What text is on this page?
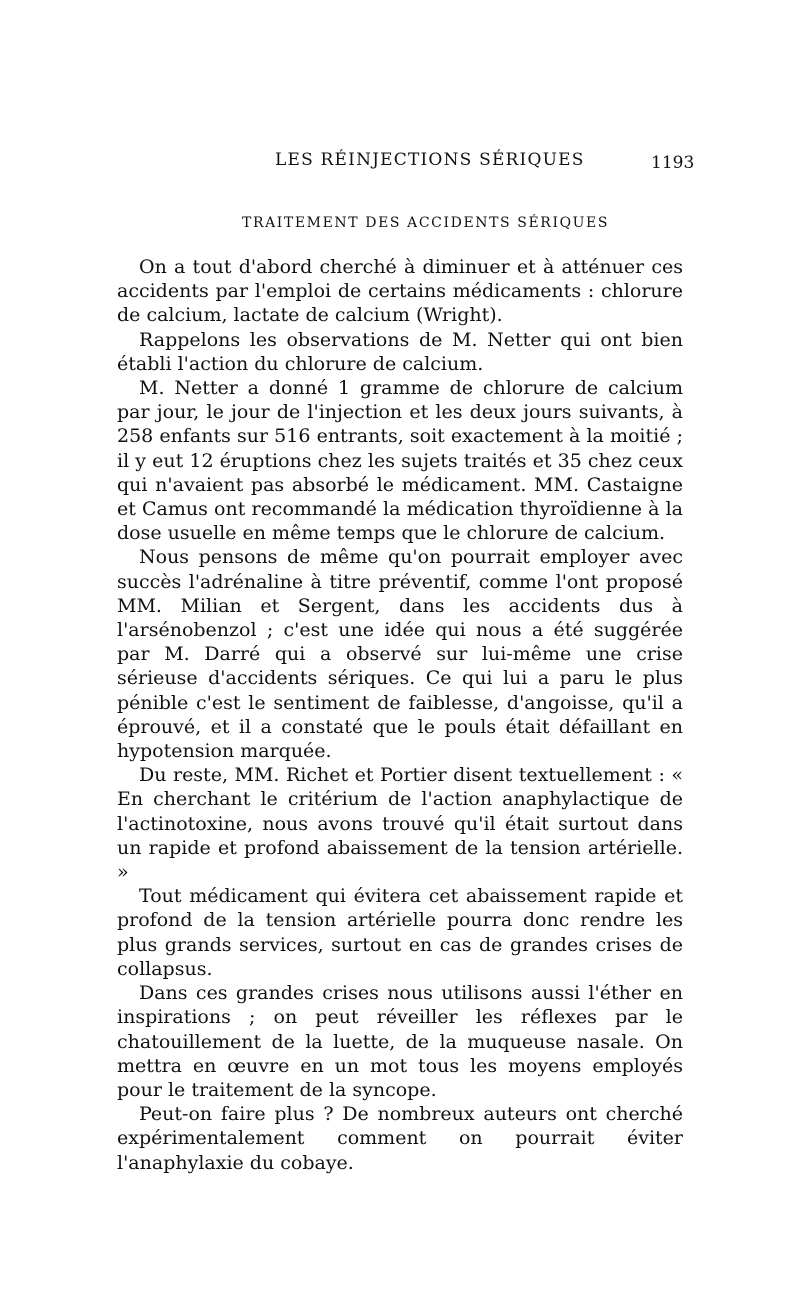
LES RÉINJECTIONS SÉRIQUES	1193
TRAITEMENT DES ACCIDENTS SÉRIQUES

On a tout d'abord cherché à diminuer et à atténuer ces accidents par l'emploi de certains médicaments : chlorure de calcium, lactate de calcium (Wright).

Rappelons les observations de M. Netter qui ont bien établi l'action du chlorure de calcium.

M. Netter a donné 1 gramme de chlorure de calcium par jour, le jour de l'injection et les deux jours suivants, à 258 enfants sur 516 entrants, soit exactement à la moitié ; il y eut 12 éruptions chez les sujets traités et 35 chez ceux qui n'avaient pas absorbé le médicament. MM. Castaigne et Camus ont recommandé la médication thyroïdienne à la dose usuelle en même temps que le chlorure de calcium.

Nous pensons de même qu'on pourrait employer avec succès l'adrénaline à titre préventif, comme l'ont proposé MM. Milian et Sergent, dans les accidents dus à l'arsénobenzol ; c'est une idée qui nous a été suggérée par M. Darré qui a observé sur lui-même une crise sérieuse d'accidents sériques. Ce qui lui a paru le plus pénible c'est le sentiment de faiblesse, d'angoisse, qu'il a éprouvé, et il a constaté que le pouls était défaillant en hypotension marquée.

Du reste, MM. Richet et Portier disent textuellement : « En cherchant le critérium de l'action anaphylactique de l'actinotoxine, nous avons trouvé qu'il était surtout dans un rapide et profond abaissement de la tension artérielle. »

Tout médicament qui évitera cet abaissement rapide et profond de la tension artérielle pourra donc rendre les plus grands services, surtout en cas de grandes crises de collapsus.

Dans ces grandes crises nous utilisons aussi l'éther en inspirations ; on peut réveiller les réflexes par le chatouillement de la luette, de la muqueuse nasale. On mettra en œuvre en un mot tous les moyens employés pour le traitement de la syncope.

Peut-on faire plus ? De nombreux auteurs ont cherché expérimentalement comment on pourrait éviter l'anaphylaxie du cobaye.
